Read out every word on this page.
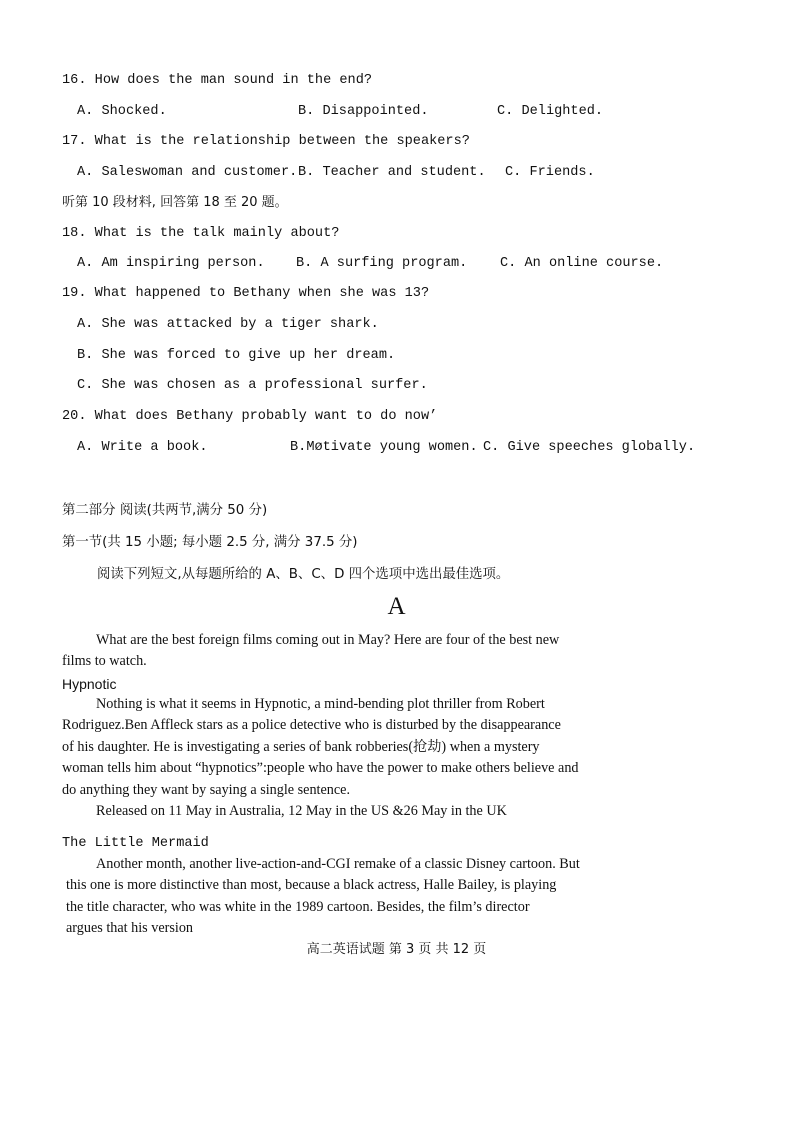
16. How does the man sound in the end?
A. Shocked.	B. Disappointed.	C. Delighted.
17. What is the relationship between the speakers?
A. Saleswoman and customer. B. Teacher and student. C. Friends.
听第 10 段材料, 回答第 18 至 20 题。
18. What is the talk mainly about?
A. Am inspiring person. B. A surfing program. C. An online course.
19. What happened to Bethany when she was 13?
A. She was attacked by a tiger shark.
B. She was forced to give up her dream.
C. She was chosen as a professional surfer.
20. What does Bethany probably want to do now’
A. Write a book.	B.Møtivate young women. C. Give speeches globally.
第二部分 阅读(共两节,满分 50 分)
第一节(共 15 小题; 每小题 2.5 分, 满分 37.5 分)
阅读下列短文,从每题所给的 A、B、C、D 四个选项中选出最佳选项。
A
What are the best foreign films coming out in May? Here are four of the best new
films to watch.
Hypnotic
Nothing is what it seems in Hypnotic, a mind-bending plot thriller from Robert
Rodriguez.Ben Affleck stars as a police detective who is disturbed by the disappearance
of his daughter. He is investigating a series of bank robberies(抢劫) when a mystery
woman tells him about “hypnotics”:people who have the power to make others believe and
do anything they want by saying a single sentence.
Released on 11 May in Australia, 12 May in the US &26 May in the UK
The Little Mermaid
Another month, another live-action-and-CGI remake of a classic Disney cartoon. But
this one is more distinctive than most, because a black actress, Halle Bailey, is playing
the title character, who was white in the 1989 cartoon. Besides, the film’s director
argues that his version
高二英语试题 第 3 页 共 12 页
